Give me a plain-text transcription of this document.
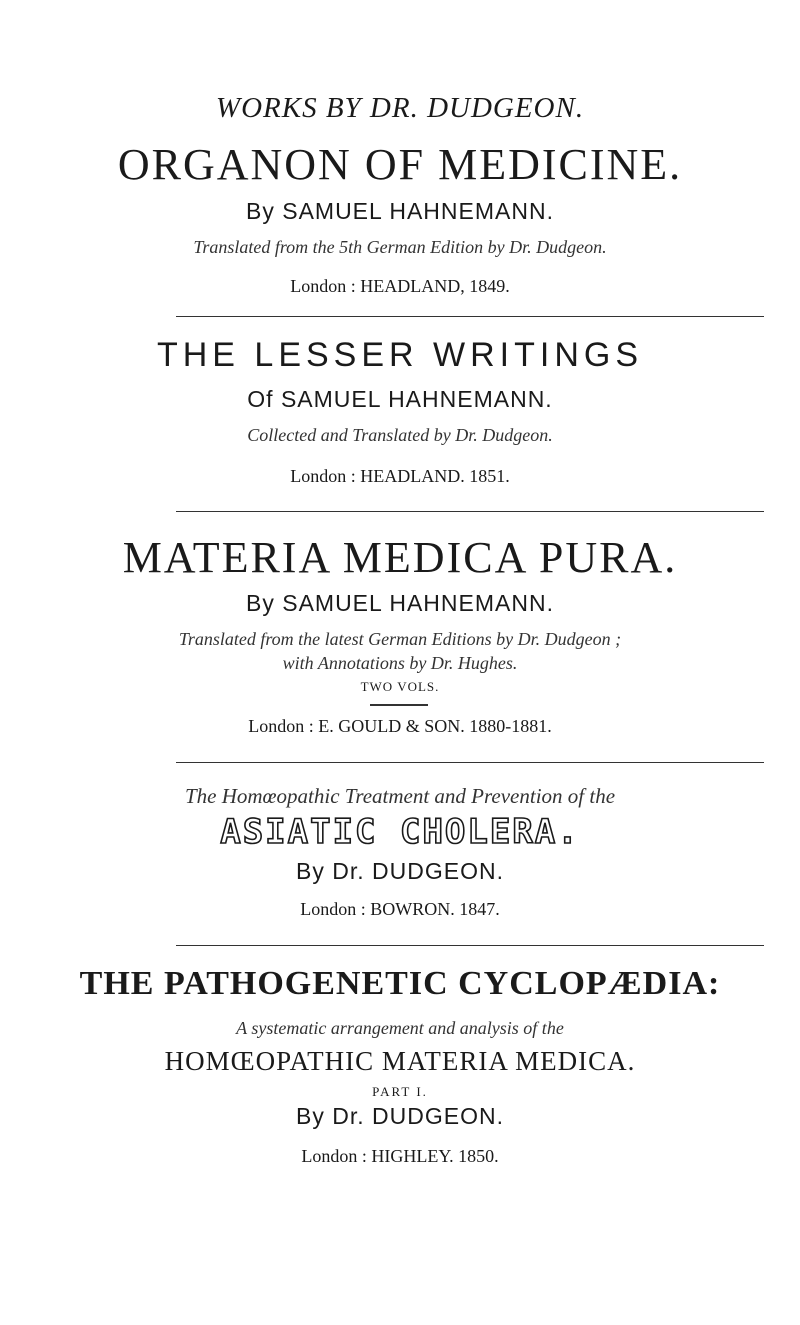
WORKS BY DR. DUDGEON.
ORGANON OF MEDICINE.
By SAMUEL HAHNEMANN.
Translated from the 5th German Edition by Dr. Dudgeon.
London : HEADLAND, 1849.
THE LESSER WRITINGS
Of SAMUEL HAHNEMANN.
Collected and Translated by Dr. Dudgeon.
London : HEADLAND. 1851.
MATERIA MEDICA PURA.
By SAMUEL HAHNEMANN.
Translated from the latest German Editions by Dr. Dudgeon ;
with Annotations by Dr. Hughes.
TWO VOLS.
London : E. GOULD & SON. 1880-1881.
The Homœopathic Treatment and Prevention of the
ASIATIC CHOLERA.
By Dr. DUDGEON.
London : BOWRON. 1847.
THE PATHOGENETIC CYCLOPÆDIA:
A systematic arrangement and analysis of the
HOMŒOPATHIC MATERIA MEDICA.
PART I.
By Dr. DUDGEON.
London : HIGHLEY. 1850.
